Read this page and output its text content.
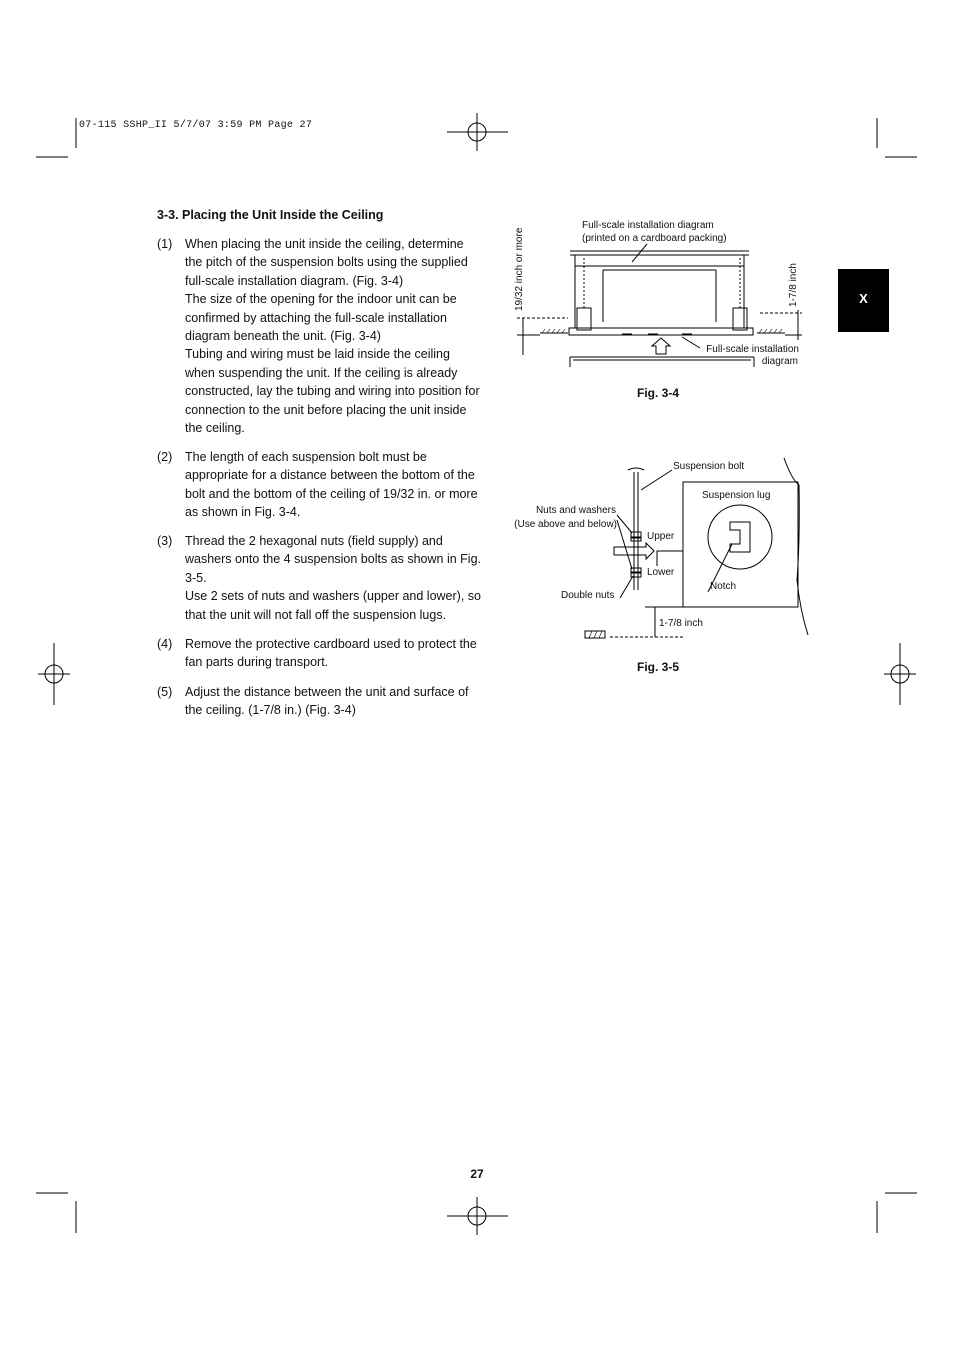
07-115 SSHP_II 5/7/07 3:59 PM Page 27
3-3. Placing the Unit Inside the Ceiling
(1) When placing the unit inside the ceiling, determine the pitch of the suspension bolts using the supplied full-scale installation diagram. (Fig. 3-4)

The size of the opening for the indoor unit can be confirmed by attaching the full-scale installation diagram beneath the unit. (Fig. 3-4)

Tubing and wiring must be laid inside the ceiling when suspending the unit. If the ceiling is already constructed, lay the tubing and wiring into position for connection to the unit before placing the unit inside the ceiling.

(2) The length of each suspension bolt must be appropriate for a distance between the bottom of the bolt and the bottom of the ceiling of 19/32 in. or more as shown in Fig. 3-4.

(3) Thread the 2 hexagonal nuts (field supply) and washers onto the 4 suspension bolts as shown in Fig. 3-5.

Use 2 sets of nuts and washers (upper and lower), so that the unit will not fall off the suspension lugs.

(4) Remove the protective cardboard used to protect the fan parts during transport.

(5) Adjust the distance between the unit and surface of the ceiling. (1-7/8 in.) (Fig. 3-4)

X
Full-scale installation diagram
(printed on a cardboard packing)
19/32 inch or more	1-7/8 inch
Full-scale installation
diagram
Suspension bolt
Suspension lug
Nuts and washers
(Use above and below)
Upper
Lower
Notch
Double nuts
1-7/8 inch
Fig. 3-4
Fig. 3-5
27
